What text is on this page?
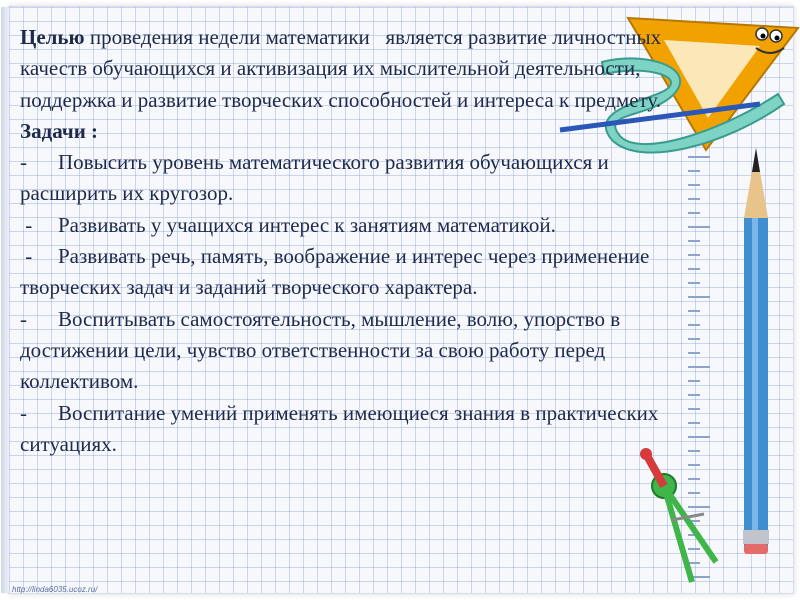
Целью проведения недели математики   является развитие личностных качеств обучающихся и активизация их мыслительной деятельности, поддержка и развитие творческих способностей и интереса к предмету.

Задачи :

- Повысить уровень математического развития обучающихся и расширить их кругозор.

- Развивать у учащихся интерес к занятиям математикой.

- Развивать речь, память, воображение и интерес через применение творческих задач и заданий творческого характера.

- Воспитывать самостоятельность, мышление, волю, упорство в достижении цели, чувство ответственности за свою работу перед коллективом.

- Воспитание умений применять имеющиеся знания в практических ситуациях.

http://linda6035.ucoz.ru/
